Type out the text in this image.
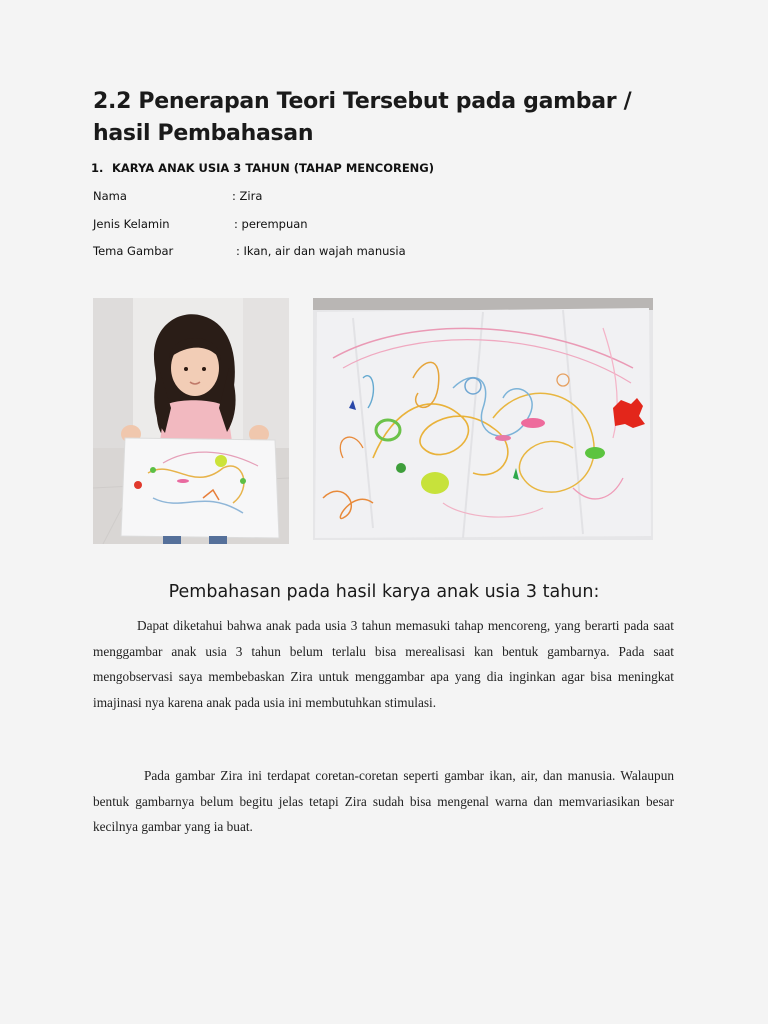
2.2 Penerapan Teori Tersebut pada gambar / hasil Pembahasan
1. KARYA ANAK USIA 3 TAHUN (TAHAP MENCORENG)
Nama	: Zira
Jenis Kelamin	: perempuan
Tema Gambar	: Ikan, air dan wajah manusia
Pembahasan pada hasil karya anak usia 3 tahun:
Dapat diketahui bahwa anak pada usia 3 tahun memasuki tahap mencoreng, yang berarti pada saat menggambar anak usia 3 tahun belum terlalu bisa merealisasi kan bentuk gambarnya. Pada saat mengobservasi saya membebaskan Zira untuk menggambar apa yang dia inginkan agar bisa meningkat imajinasi nya karena anak pada usia ini membutuhkan stimulasi.
Pada gambar Zira ini terdapat coretan-coretan seperti gambar ikan, air, dan manusia. Walaupun bentuk gambarnya belum begitu jelas tetapi Zira sudah bisa mengenal warna dan memvariasikan besar kecilnya gambar yang ia buat.
